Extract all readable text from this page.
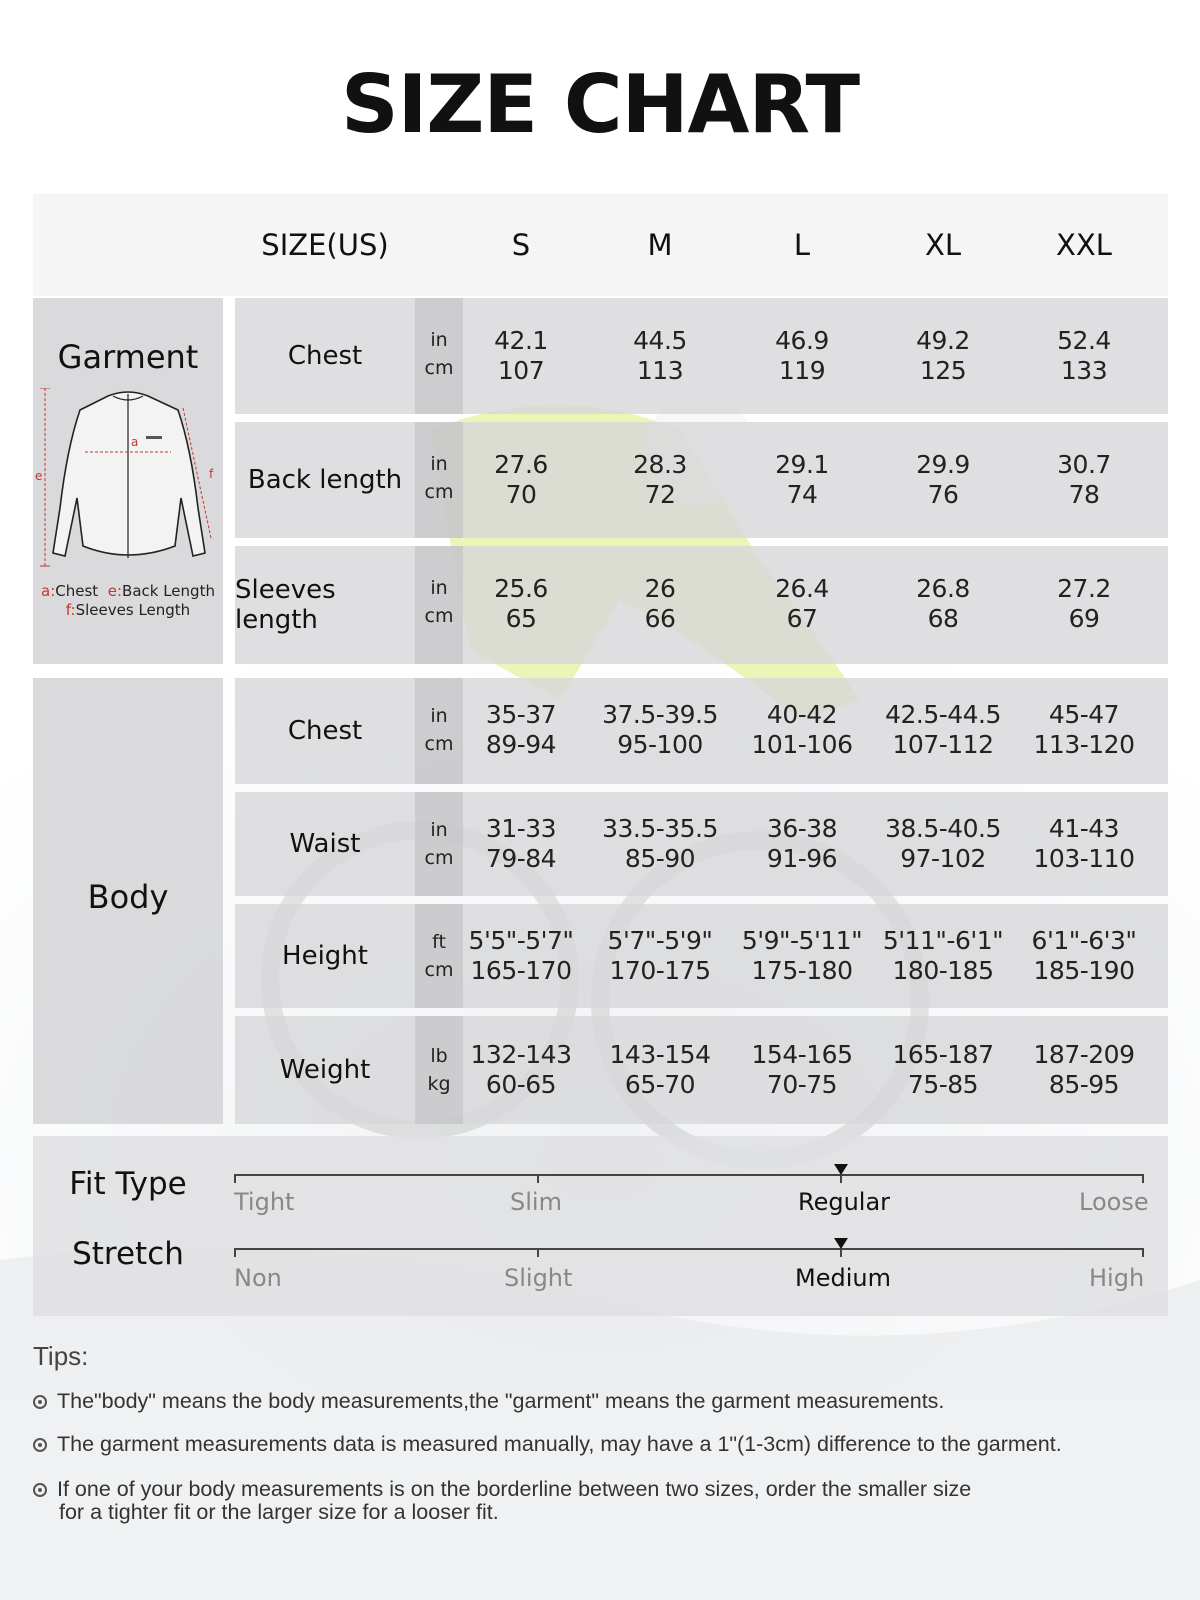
SIZE CHART
SIZE(US)	S	M	L	XL	XXL
Garment
e	f
a
a:Chest e:Back Length
f:Sleeves Length
Body
Chest
in
cm
42.1	44.5	46.9	49.2	52.4
107	113	119	125	133
Back length
in
cm
27.6	28.3	29.1	29.9	30.7
70	72	74	76	78
Sleeves length
in
cm
25.6	26	26.4	26.8	27.2
65	66	67	68	69
Chest	in
cm
35-37	37.5-39.5	40-42	42.5-44.5	45-47
89-94	95-100	101-106	107-112	113-120
Waist	in
cm
31-33	33.5-35.5	36-38	38.5-40.5	41-43
79-84	85-90	91-96	97-102	103-110
Height	ft
cm
5'5"-5'7"	5'7"-5'9"	5'9"-5'11" 5'11"-6'1"	6'1"-6'3"
165-170	170-175	175-180	180-185	185-190
Weight	lb
kg
132-143	143-154	154-165	165-187	187-209
60-65	65-70	70-75	75-85	85-95
Fit Type
Stretch
Tight	Slim	Regular	Loose
Non	Slight	Medium	High
Tips:
The"body" means the body measurements,the "garment" means the garment measurements.
The garment measurements data is measured manually, may have a 1"(1-3cm) difference to the garment.
If one of your body measurements is on the borderline between two sizes, order the smaller size
for a tighter fit or the larger size for a looser fit.
